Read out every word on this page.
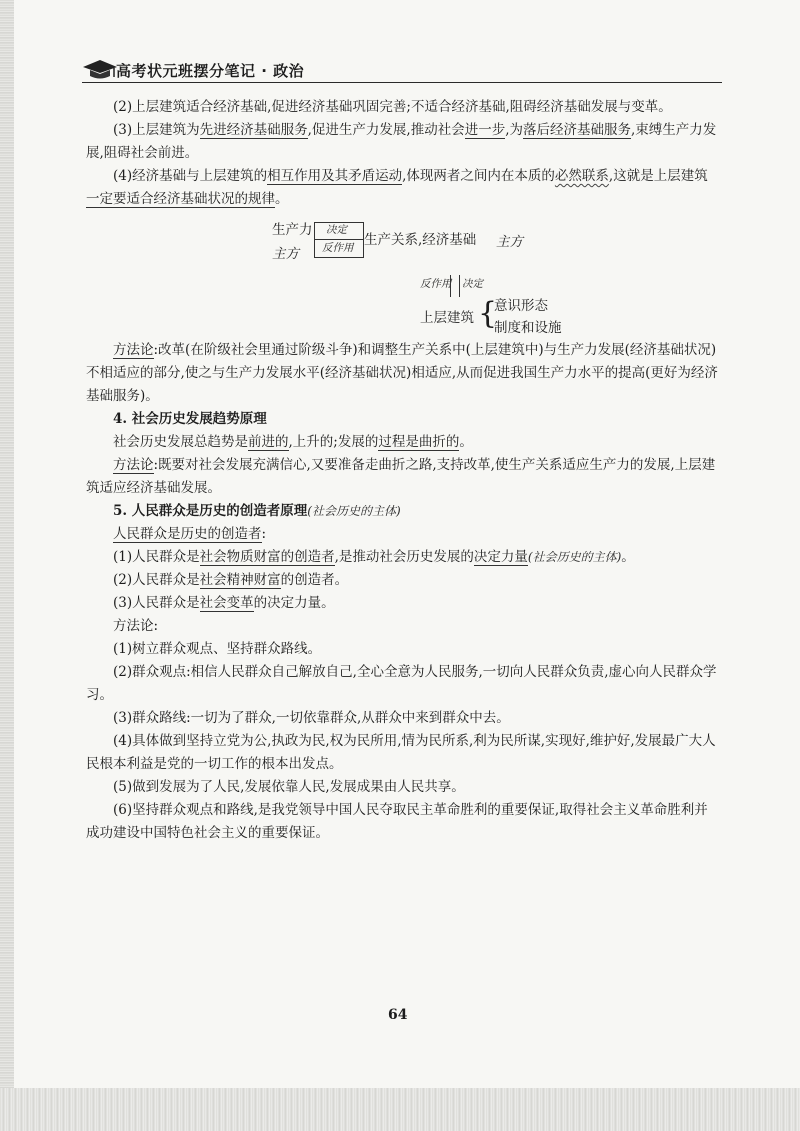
高考状元班摆分笔记 · 政治

(2)上层建筑适合经济基础,促进经济基础巩固完善;不适合经济基础,阻碍经济基础发展与变革。

(3)上层建筑为先进经济基础服务,促进生产力发展,推动社会进一步,为落后经济基础服务,束缚生产力发展,阻碍社会前进。

(4)经济基础与上层建筑的相互作用及其矛盾运动,体现两者之间内在本质的必然联系,这就是上层建筑一定要适合经济基础状况的规律。

生产力
主方
决定
反作用 生产关系,经济基础 主方
反作用 决定
上层建筑 {
意识形态
制度和设施

方法论:改革(在阶级社会里通过阶级斗争)和调整生产关系中(上层建筑中)与生产力发展(经济基础状况)不相适应的部分,使之与生产力发展水平(经济基础状况)相适应,从而促进我国生产力水平的提高(更好为经济基础服务)。

4. 社会历史发展趋势原理

社会历史发展总趋势是前进的,上升的;发展的过程是曲折的。

方法论:既要对社会发展充满信心,又要准备走曲折之路,支持改革,使生产关系适应生产力的发展,上层建筑适应经济基础发展。

5. 人民群众是历史的创造者原理(社会历史的主体)

人民群众是历史的创造者:

(1)人民群众是社会物质财富的创造者,是推动社会历史发展的决定力量(社会历史的主体)。

(2)人民群众是社会精神财富的创造者。

(3)人民群众是社会变革的决定力量。

方法论:

(1)树立群众观点、坚持群众路线。

(2)群众观点:相信人民群众自己解放自己,全心全意为人民服务,一切向人民群众负责,虚心向人民群众学习。

(3)群众路线:一切为了群众,一切依靠群众,从群众中来到群众中去。

(4)具体做到坚持立党为公,执政为民,权为民所用,情为民所系,利为民所谋,实现好,维护好,发展最广大人民根本利益是党的一切工作的根本出发点。

(5)做到发展为了人民,发展依靠人民,发展成果由人民共享。

(6)坚持群众观点和路线,是我党领导中国人民夺取民主革命胜利的重要保证,取得社会主义革命胜利并成功建设中国特色社会主义的重要保证。

64
